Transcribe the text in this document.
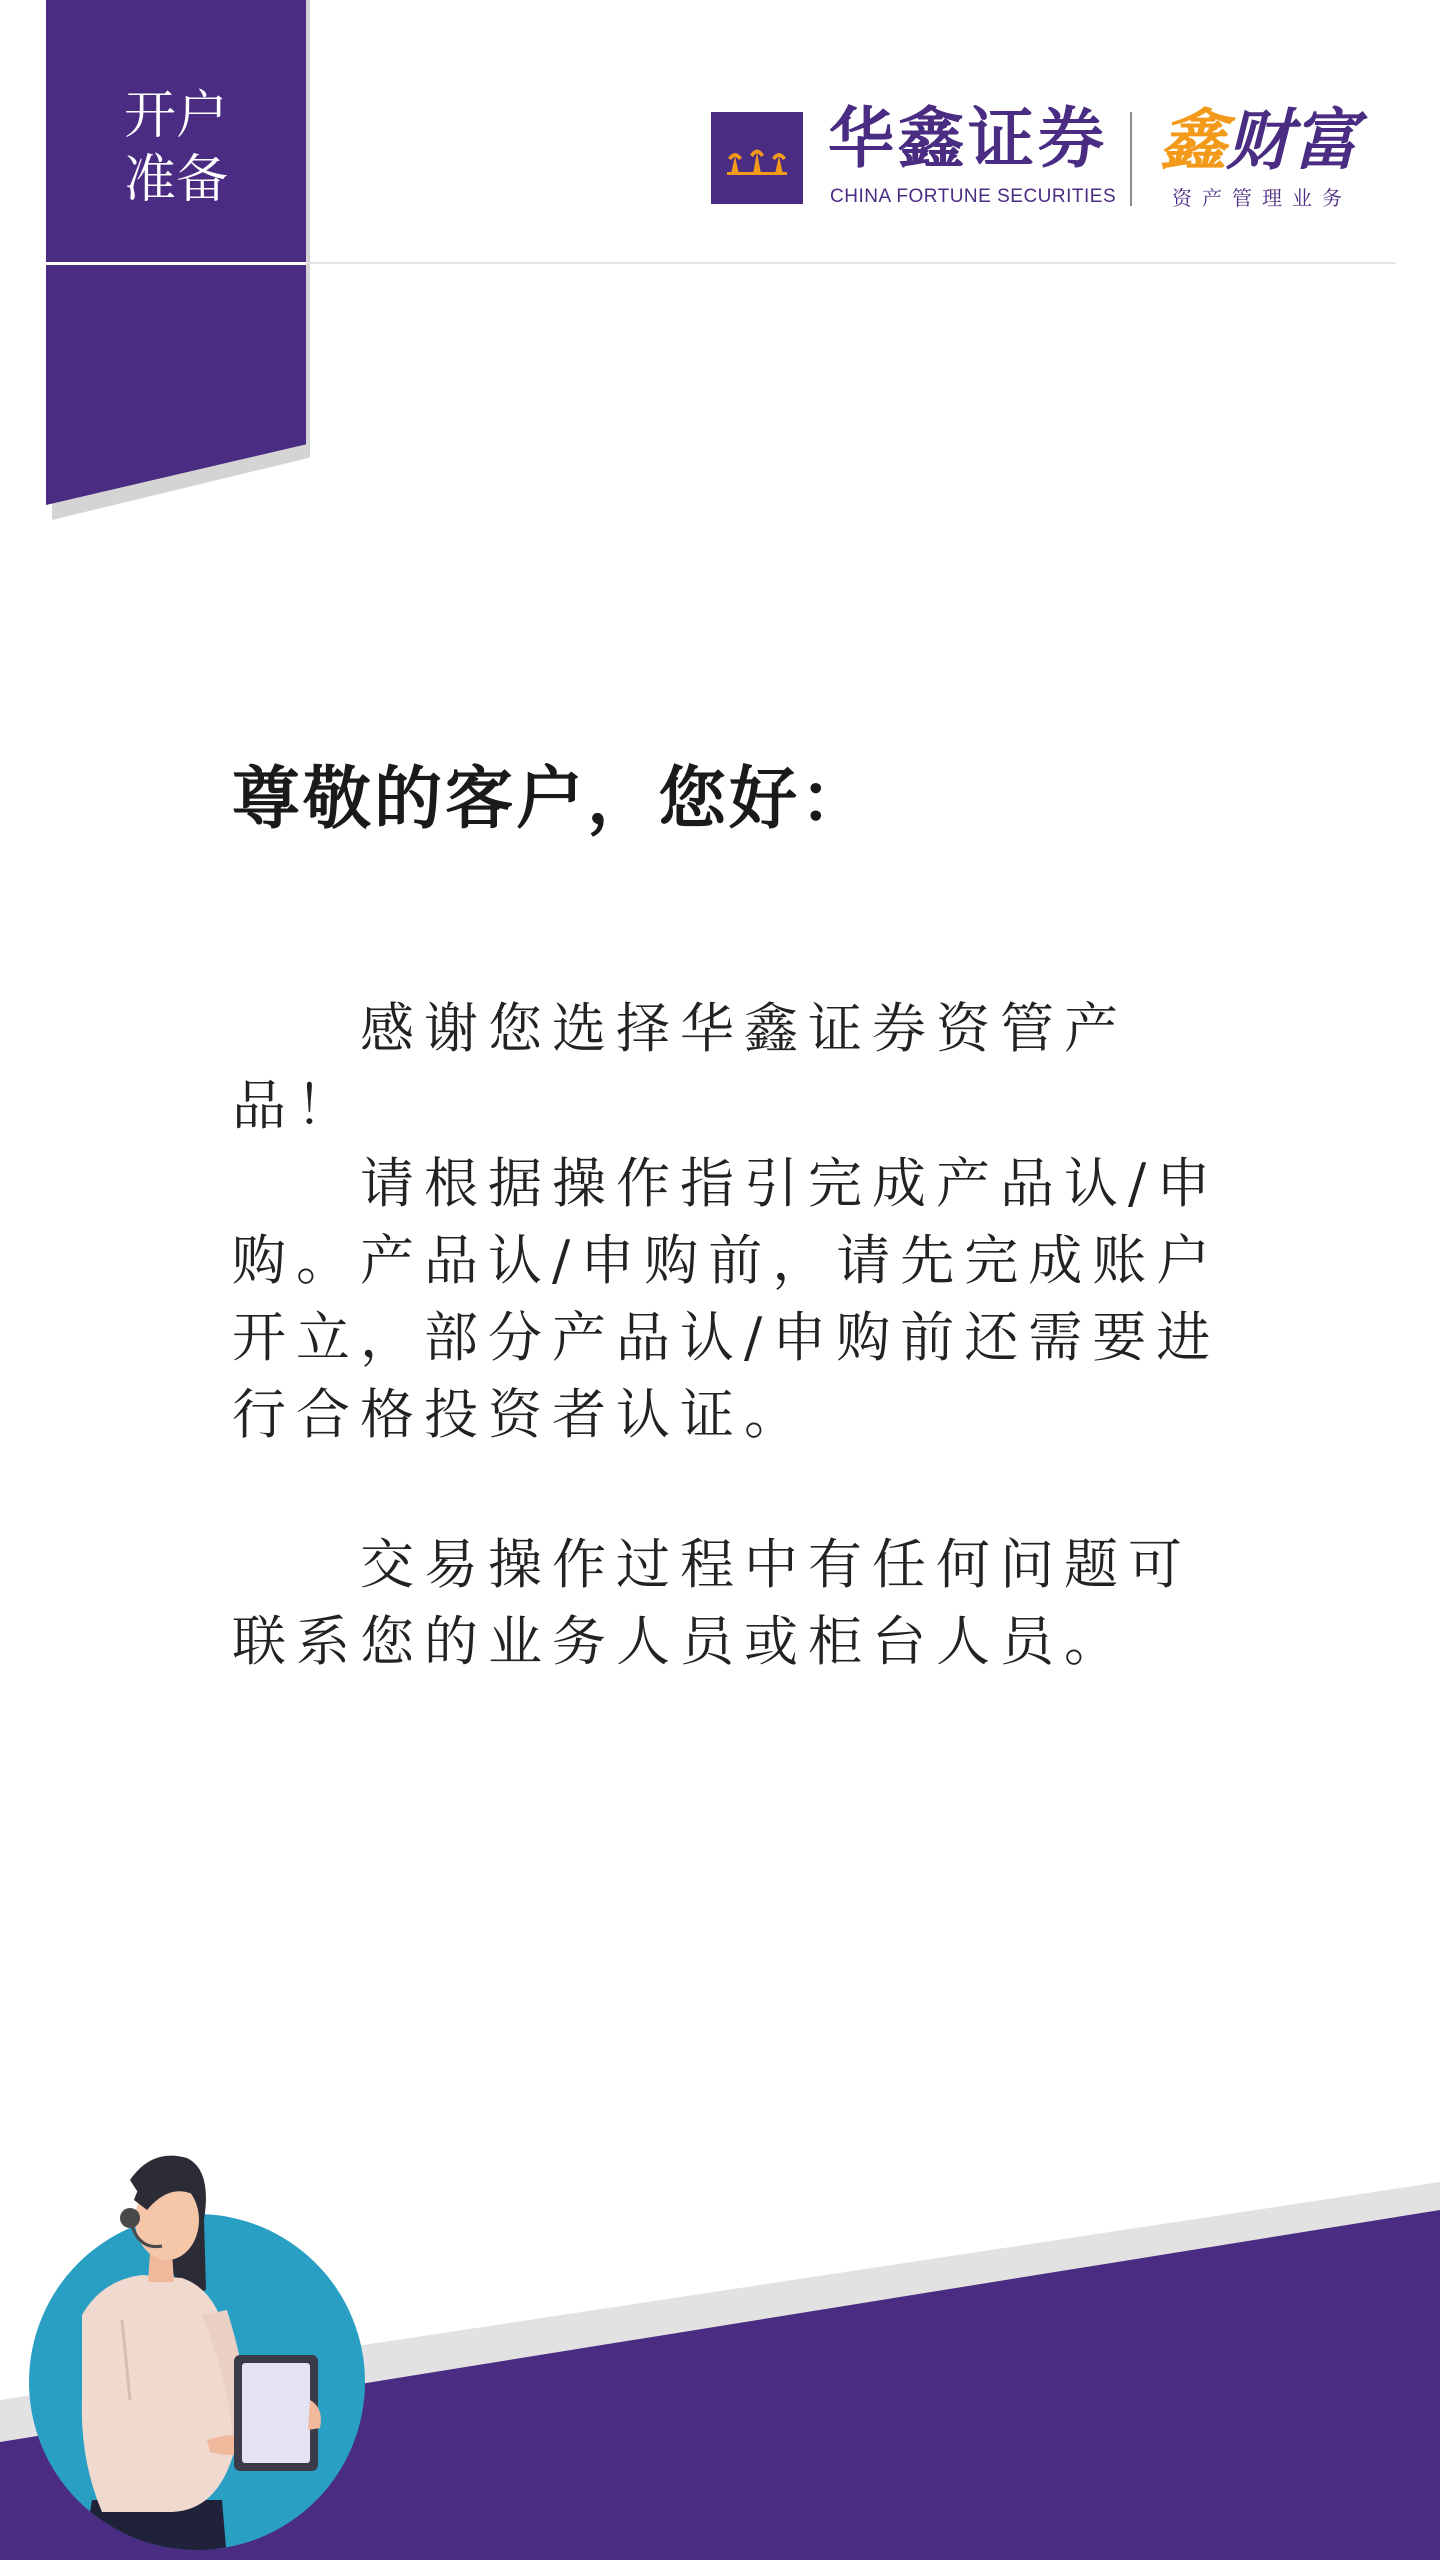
开户
准备
华鑫证券
CHINA FORTUNE SECURITIES
鑫财富
资产管理业务
尊敬的客户，您好：
感谢您选择华鑫证券资管产品！
请根据操作指引完成产品认/申购。产品认/申购前，请先完成账户开立，部分产品认/申购前还需要进行合格投资者认证。
交易操作过程中有任何问题可联系您的业务人员或柜台人员。
